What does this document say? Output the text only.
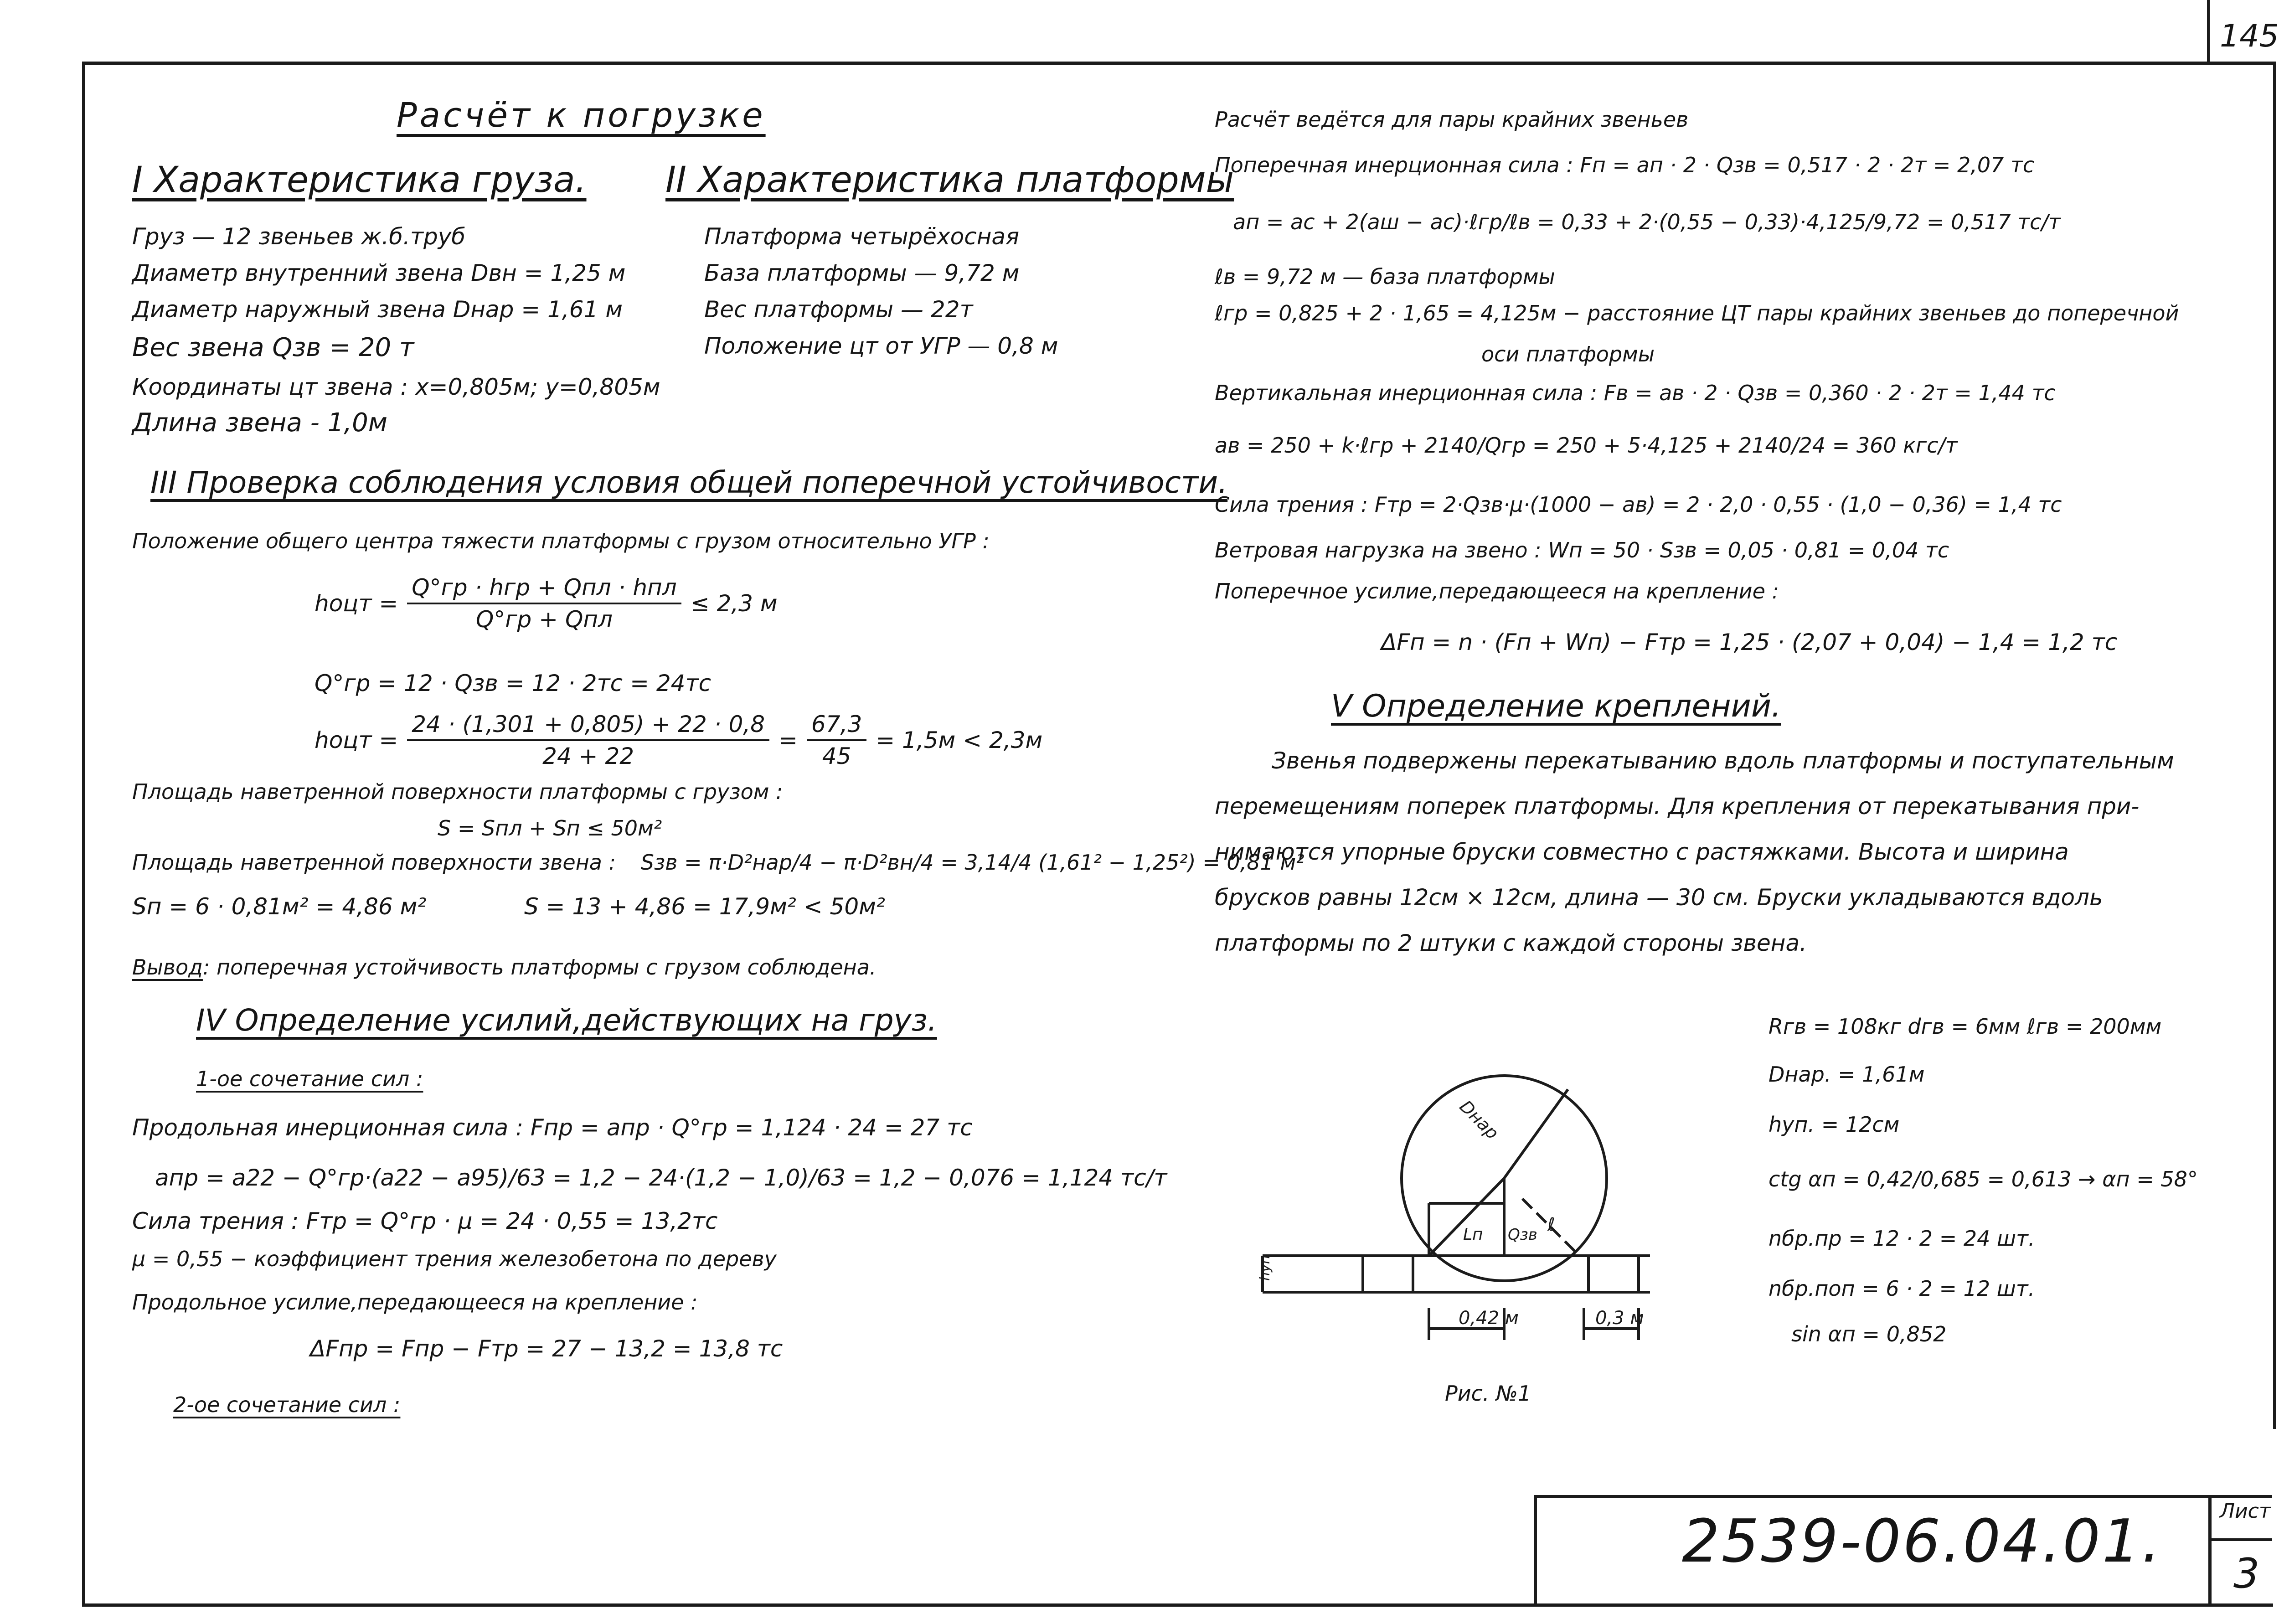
145
Расчёт к погрузке
I Характеристика груза.
Груз — 12 звеньев ж.б.труб
Диаметр внутренний звена Dвн = 1,25 м
Диаметр наружный звена Dнар = 1,61 м
Вес звена Qзв = 20 т
Координаты цт звена : x=0,805м; y=0,805м
Длина звена - 1,0м
II Характеристика платформы
Платформа четырёхосная
База платформы — 9,72 м
Вес платформы — 22т
Положение цт от УГР — 0,8 м
III Проверка соблюдения условия общей поперечной устойчивости.
Положение общего центра тяжести платформы с грузом относительно УГР :
hоцт = $\frac{\text{Q°гр · hгр + Qпл · hпл}}{\text{Q°гр + Qпл}} \le 2,3$ м
Q°гр = 12 · Qзв = 12 · 2тс = 24тс
hоцт = $\frac{24 \cdot (1,301 + 0,805) + 22 \cdot 0,8}{24 + 22} = \frac{67,3}{45} = 1,5м < 2,3м$
Площадь наветренной поверхности платформы с грузом :
S = Sпл + Sп ≤ 50м²
Площадь наветренной поверхности звена : Sзв = π·D²нар/4 − π·D²вн/4 = 3,14/4 (1,61² − 1,25²) = 0,81 м²
Sп = 6 · 0,81м² = 4,86 м²	S = 13 + 4,86 = 17,9м² < 50м²
Вывод: поперечная устойчивость платформы с грузом соблюдена.
IV Определение усилий,действующих на груз.
1-ое сочетание сил :
Продольная инерционная сила : Fпр = aпр · Q°гр = 1,124 · 24 = 27 тс
aпр = a22 − Q°гр·(a22 − a95)/63 = 1,2 − 24·(1,2 − 1,0)/63 = 1,2 − 0,076 = 1,124 тс/т
Сила трения : Fтр = Q°гр · μ = 24 · 0,55 = 13,2тс
μ = 0,55 − коэффициент трения железобетона по дереву
Продольное усилие,передающееся на крепление :
ΔFпр = Fпр − Fтр = 27 − 13,2 = 13,8 тс
2-ое сочетание сил :
Расчёт ведётся для пары крайних звеньев
Поперечная инерционная сила : Fп = aп · 2 · Qзв = 0,517 · 2 · 2т = 2,07 тс
aп = ac + 2(aш − ac)·ℓгр/ℓв = 0,33 + 2·(0,55 − 0,33)·4,125/9,72 = 0,517 тс/т
ℓв = 9,72 м — база платформы
ℓгр = 0,825 + 2 · 1,65 = 4,125м − расстояние ЦТ пары крайних звеньев до поперечной
оси платформы
Вертикальная инерционная сила : Fв = aв · 2 · Qзв = 0,360 · 2 · 2т = 1,44 тс
aв = 250 + k·ℓгр + 2140/Qгр = 250 + 5·4,125 + 2140/24 = 360 кгс/т
Сила трения : Fтр = 2·Qзв·μ·(1000 − aв) = 2 · 2,0 · 0,55 · (1,0 − 0,36) = 1,4 тс
Ветровая нагрузка на звено : Wп = 50 · Sзв = 0,05 · 0,81 = 0,04 тс
Поперечное усилие,передающееся на крепление :
ΔFп = n · (Fп + Wп) − Fтр = 1,25 · (2,07 + 0,04) − 1,4 = 1,2 тс
V Определение креплений.
Звенья подвержены перекатыванию вдоль платформы и поступательным
перемещениям поперек платформы. Для крепления от перекатывания при-
нимаются упорные бруски совместно с растяжками. Высота и ширина
брусков равны 12см × 12см, длина — 30 см. Бруски укладываются вдоль
платформы по 2 штуки с каждой стороны звена.
Rгв = 108кг dгв = 6мм ℓгв = 200мм
Dнар. = 1,61м
hуп. = 12см
ctg αп = 0,42/0,685 = 0,613 → αп = 58°
nбр.пр = 12 · 2 = 24 шт.
nбр.поп = 6 · 2 = 12 шт.
sin αп = 0,852
0,42 м	0,3 м
Dнар
ℓ
Lп Qзв
hуп
Рис. №1
2539-06.04.01.	Лист
3
